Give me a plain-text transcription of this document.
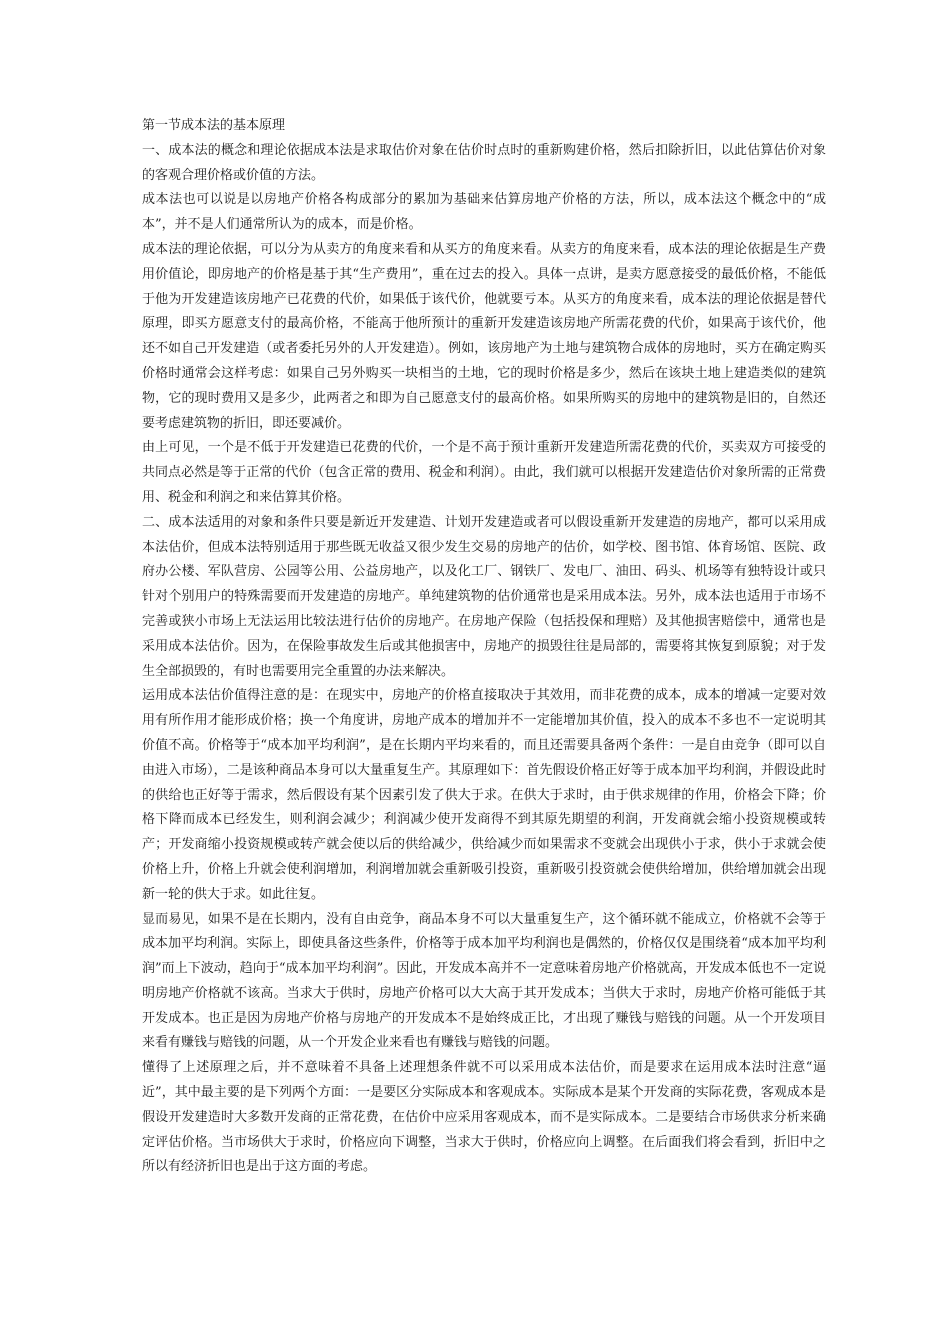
第一节成本法的基本原理

一、成本法的概念和理论依据成本法是求取估价对象在估价时点时的重新购建价格，然后扣除折旧，以此估算估价对象的客观合理价格或价值的方法。

成本法也可以说是以房地产价格各构成部分的累加为基础来估算房地产价格的方法，所以，成本法这个概念中的“成本”，并不是人们通常所认为的成本，而是价格。

成本法的理论依据，可以分为从卖方的角度来看和从买方的角度来看。从卖方的角度来看，成本法的理论依据是生产费用价值论，即房地产的价格是基于其“生产费用”，重在过去的投入。具体一点讲，是卖方愿意接受的最低价格，不能低于他为开发建造该房地产已花费的代价，如果低于该代价，他就要亏本。从买方的角度来看，成本法的理论依据是替代原理，即买方愿意支付的最高价格，不能高于他所预计的重新开发建造该房地产所需花费的代价，如果高于该代价，他还不如自己开发建造（或者委托另外的人开发建造）。例如，该房地产为土地与建筑物合成体的房地时，买方在确定购买价格时通常会这样考虑：如果自己另外购买一块相当的土地，它的现时价格是多少，然后在该块土地上建造类似的建筑物，它的现时费用又是多少，此两者之和即为自己愿意支付的最高价格。如果所购买的房地中的建筑物是旧的，自然还要考虑建筑物的折旧，即还要减价。

由上可见，一个是不低于开发建造已花费的代价，一个是不高于预计重新开发建造所需花费的代价，买卖双方可接受的共同点必然是等于正常的代价（包含正常的费用、税金和利润）。由此，我们就可以根据开发建造估价对象所需的正常费用、税金和利润之和来估算其价格。

二、成本法适用的对象和条件只要是新近开发建造、计划开发建造或者可以假设重新开发建造的房地产，都可以采用成本法估价，但成本法特别适用于那些既无收益又很少发生交易的房地产的估价，如学校、图书馆、体育场馆、医院、政府办公楼、军队营房、公园等公用、公益房地产，以及化工厂、钢铁厂、发电厂、油田、码头、机场等有独特设计或只针对个别用户的特殊需要而开发建造的房地产。单纯建筑物的估价通常也是采用成本法。另外，成本法也适用于市场不完善或狭小市场上无法运用比较法进行估价的房地产。在房地产保险（包括投保和理赔）及其他损害赔偿中，通常也是采用成本法估价。因为，在保险事故发生后或其他损害中，房地产的损毁往往是局部的，需要将其恢复到原貌；对于发生全部损毁的，有时也需要用完全重置的办法来解决。

运用成本法估价值得注意的是：在现实中，房地产的价格直接取决于其效用，而非花费的成本，成本的增减一定要对效用有所作用才能形成价格；换一个角度讲，房地产成本的增加并不一定能增加其价值，投入的成本不多也不一定说明其价值不高。价格等于“成本加平均利润”，是在长期内平均来看的，而且还需要具备两个条件：一是自由竞争（即可以自由进入市场），二是该种商品本身可以大量重复生产。其原理如下：首先假设价格正好等于成本加平均利润，并假设此时的供给也正好等于需求，然后假设有某个因素引发了供大于求。在供大于求时，由于供求规律的作用，价格会下降；价格下降而成本已经发生，则利润会减少；利润减少使开发商得不到其原先期望的利润，开发商就会缩小投资规模或转产；开发商缩小投资规模或转产就会使以后的供给减少，供给减少而如果需求不变就会出现供小于求，供小于求就会使价格上升，价格上升就会使利润增加，利润增加就会重新吸引投资，重新吸引投资就会使供给增加，供给增加就会出现新一轮的供大于求。如此往复。

显而易见，如果不是在长期内，没有自由竞争，商品本身不可以大量重复生产，这个循环就不能成立，价格就不会等于成本加平均利润。实际上，即使具备这些条件，价格等于成本加平均利润也是偶然的，价格仅仅是围绕着“成本加平均利润”而上下波动，趋向于“成本加平均利润”。因此，开发成本高并不一定意味着房地产价格就高，开发成本低也不一定说明房地产价格就不该高。当求大于供时，房地产价格可以大大高于其开发成本；当供大于求时，房地产价格可能低于其开发成本。也正是因为房地产价格与房地产的开发成本不是始终成正比，才出现了赚钱与赔钱的问题。从一个开发项目来看有赚钱与赔钱的问题，从一个开发企业来看也有赚钱与赔钱的问题。

懂得了上述原理之后，并不意味着不具备上述理想条件就不可以采用成本法估价，而是要求在运用成本法时注意“逼近”，其中最主要的是下列两个方面：一是要区分实际成本和客观成本。实际成本是某个开发商的实际花费，客观成本是假设开发建造时大多数开发商的正常花费，在估价中应采用客观成本，而不是实际成本。二是要结合市场供求分析来确定评估价格。当市场供大于求时，价格应向下调整，当求大于供时，价格应向上调整。在后面我们将会看到，折旧中之所以有经济折旧也是出于这方面的考虑。
